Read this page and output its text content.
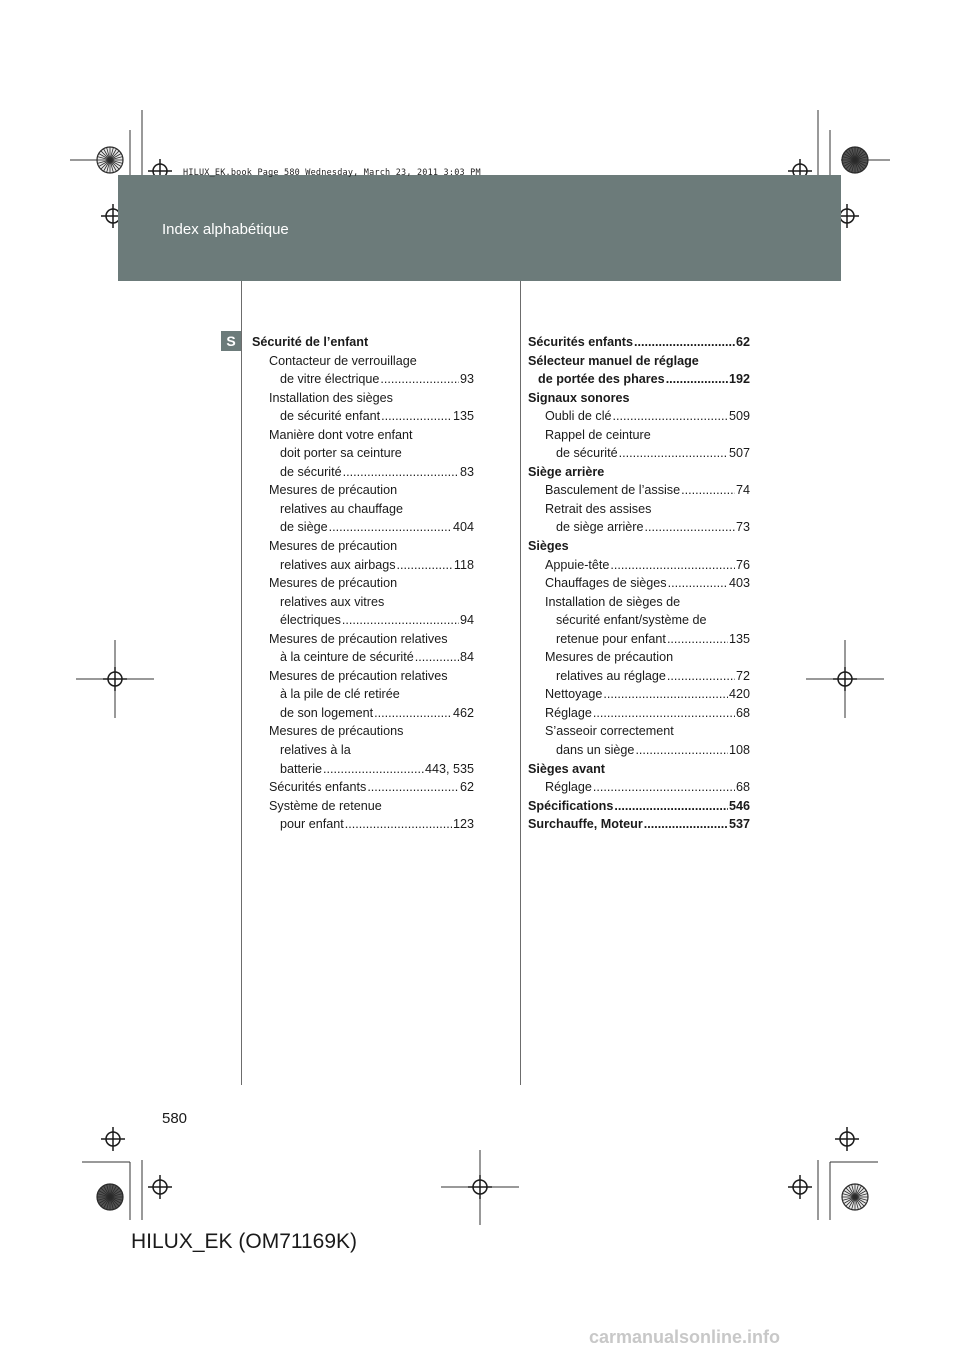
Index alphabétique
HILUX_EK.book Page 580 Wednesday, March 23, 2011 3:03 PM
S	Sécurité de l’enfant
Contacteur de verrouillage
de vitre électrique .....	93
Installation des sièges
de sécurité enfant .....	135
Manière dont votre enfant
doit porter sa ceinture
de sécurité .....	83
Mesures de précaution
relatives au chauffage
de siège .....	404
Mesures de précaution
relatives aux airbags .....	118
Mesures de précaution
relatives aux vitres
électriques .....	94
Mesures de précaution relatives
à la ceinture de sécurité .....	84
Mesures de précaution relatives
à la pile de clé retirée
de son logement .....	462
Mesures de précautions
relatives à la
batterie .....	443, 535
Sécurités enfants .....	62
Système de retenue
pour enfant .....	123
Sécurités enfants .....	62
Sélecteur manuel de réglage
de portée des phares .....	192
Signaux sonores
Oubli de clé .....	509
Rappel de ceinture
de sécurité .....	507
Siège arrière
Basculement de l’assise .....	74
Retrait des assises
de siège arrière .....	73
Sièges
Appuie-tête .....	76
Chauffages de sièges .....	403
Installation de sièges de
sécurité enfant/système de
retenue pour enfant .....	135
Mesures de précaution
relatives au réglage .....	72
Nettoyage .....	420
Réglage .....	68
S’asseoir correctement
dans un siège .....	108
Sièges avant
Réglage .....	68
Spécifications .....	546
Surchauffe, Moteur .....	537
580
HILUX_EK (OM71169K)
carmanualsonline.info
